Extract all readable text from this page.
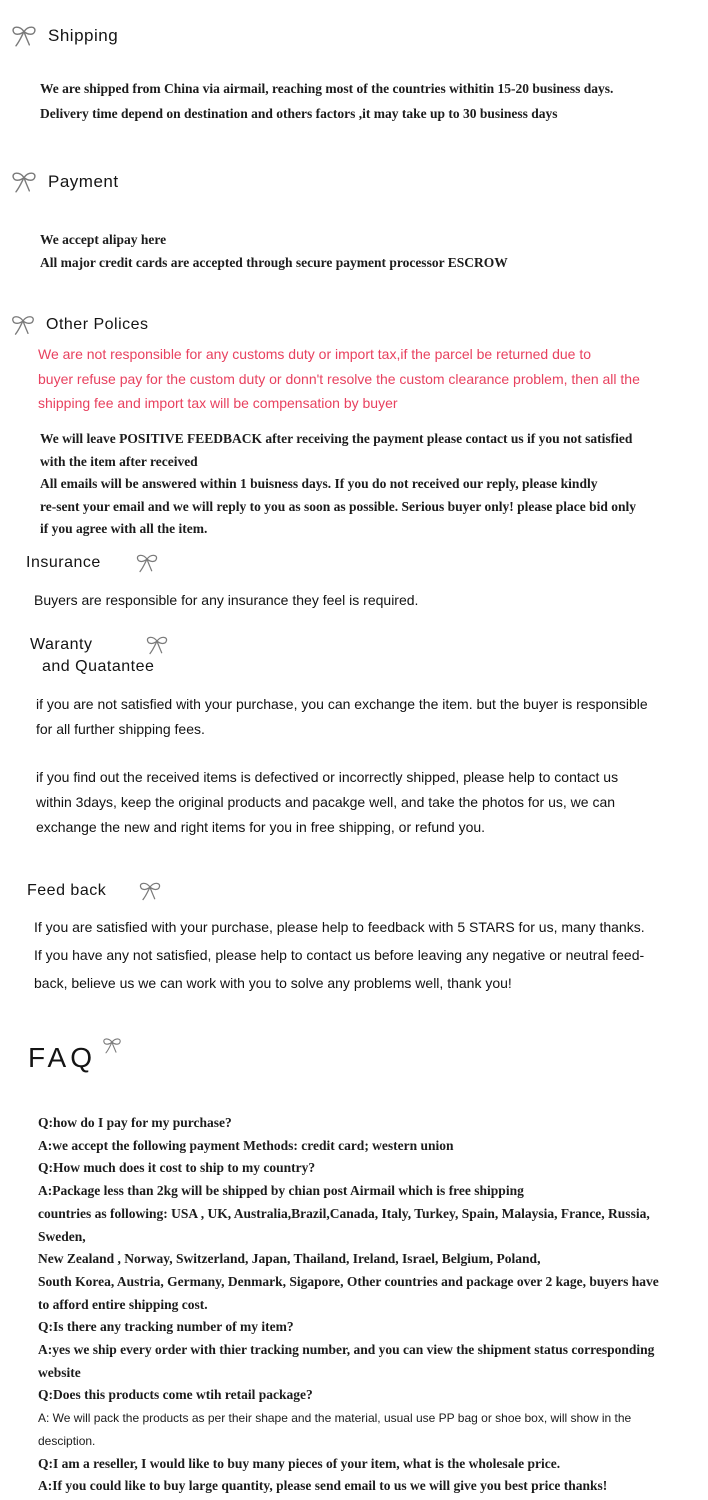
Shipping

We are shipped from China via airmail, reaching most of the countries withitin 15-20 business days.

Delivery time depend on destination and others factors ,it may take up to 30 business days

Payment

We accept alipay here

All major credit cards are accepted through secure payment processor ESCROW

Other Polices

We are not responsible for any customs duty or import tax,if the parcel be returned due to

buyer refuse pay for the custom duty or donn't resolve the custom clearance problem, then all the

shipping fee and import tax will be compensation by buyer

We will leave POSITIVE FEEDBACK after receiving the payment please contact us if you not satisfied

with the item after received

All emails will be answered within 1 buisness days. If you do not received our reply, please kindly

re-sent your email and we will reply to you as soon as possible. Serious buyer only! please place bid only

if you agree with all the item.

Insurance

Buyers are responsible for any insurance they feel is required.

Waranty
and Quatantee

if you are not satisfied with your purchase, you can exchange the item. but the buyer is responsible

for all further shipping fees.

if you find out the received items is defectived or incorrectly shipped, please help to contact us

within 3days, keep the original products and pacakge well, and take the photos for us, we can

exchange the new and right items for you in free shipping, or refund you.

Feed back

If you are satisfied with your purchase, please help to feedback with 5 STARS for us, many thanks.

If you have any not satisfied, please help to contact us before leaving any negative or neutral feed-

back, believe us we can work with you to solve any problems well, thank you!

FAQ

Q:how do I pay for my purchase?

A:we accept the following payment Methods: credit card; western union

Q:How much does it cost to ship to my country?

A:Package less than 2kg will be shipped by chian post Airmail which is free shipping

countries as following: USA , UK, Australia,Brazil,Canada, Italy, Turkey, Spain, Malaysia, France, Russia, Sweden,

New Zealand , Norway, Switzerland, Japan, Thailand, Ireland, Israel, Belgium, Poland,

South Korea, Austria, Germany, Denmark, Sigapore, Other countries and package over 2 kage, buyers have

to afford entire shipping cost.

Q:Is there any tracking number of my item?

A:yes we ship every order with thier tracking number, and you can view the shipment status corresponding

website

Q:Does this products come wtih retail package?

A: We will pack the products as per their shape and the material, usual use PP bag or shoe box, will show in the desciption.

Q:I am a reseller, I would like to buy many pieces of your item, what is the wholesale price.

A:If you could like to buy large quantity, please send email to us we will give you best price thanks!
